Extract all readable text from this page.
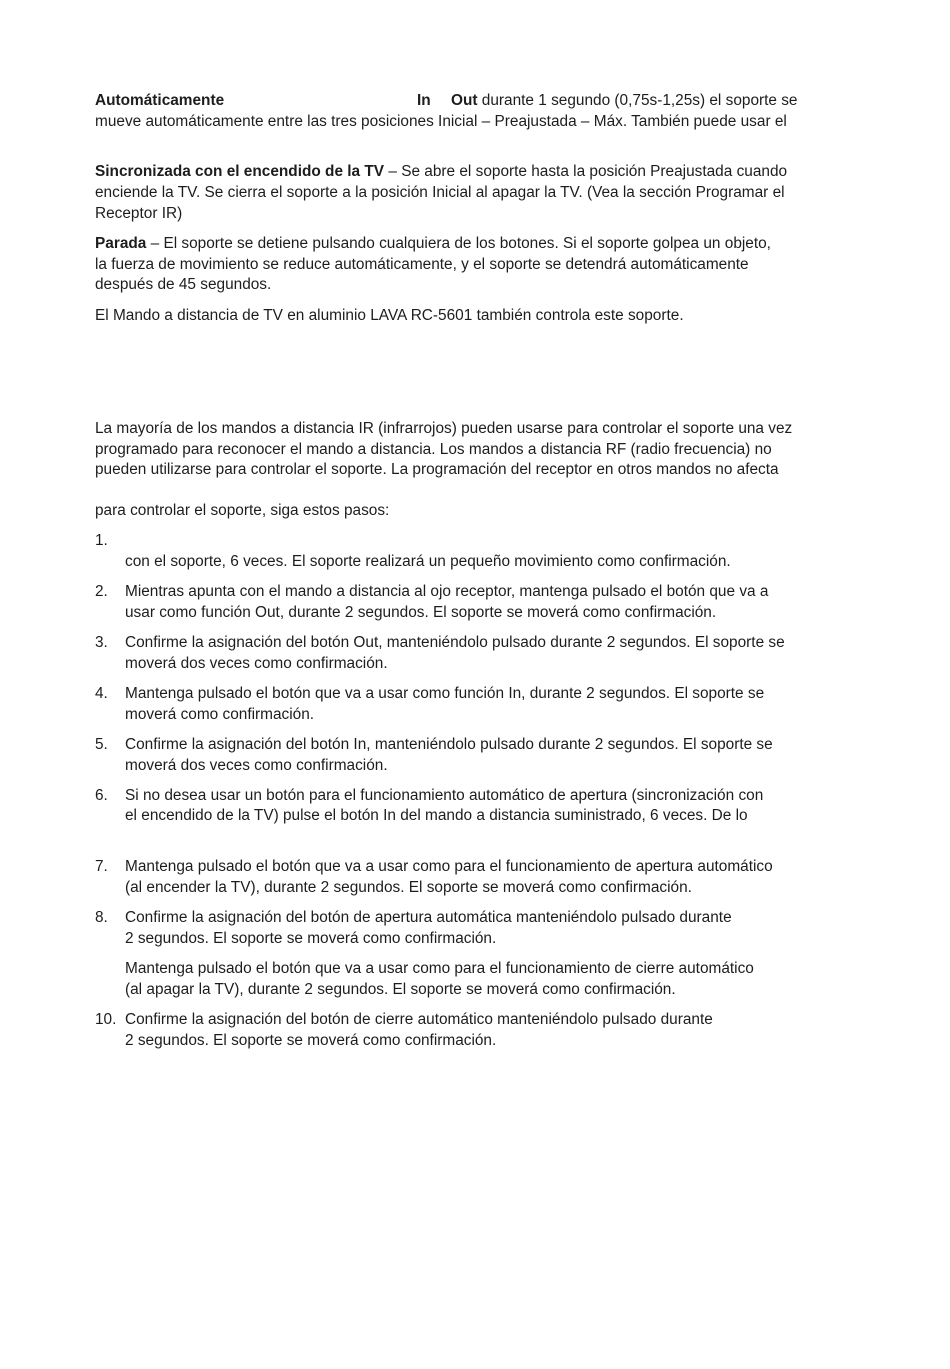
Automáticamente	In Out durante 1 segundo (0,75s-1,25s) el soporte se

mueve automáticamente entre las tres posiciones Inicial – Preajustada – Máx. También puede usar el

Sincronizada con el encendido de la TV – Se abre el soporte hasta la posición Preajustada cuando

enciende la TV. Se cierra el soporte a la posición Inicial al apagar la TV. (Vea la sección Programar el

Receptor IR)

Parada – El soporte se detiene pulsando cualquiera de los botones. Si el soporte golpea un objeto,

la fuerza de movimiento se reduce automáticamente, y el soporte se detendrá automáticamente

después de 45 segundos.

El Mando a distancia de TV en aluminio LAVA RC-5601 también controla este soporte.

La mayoría de los mandos a distancia IR (infrarrojos) pueden usarse para controlar el soporte una vez

programado para reconocer el mando a distancia. Los mandos a distancia RF (radio frecuencia) no

pueden utilizarse para controlar el soporte. La programación del receptor en otros mandos no afecta

para controlar el soporte, siga estos pasos:

1.

con el soporte, 6 veces. El soporte realizará un pequeño movimiento como confirmación.

2. Mientras apunta con el mando a distancia al ojo receptor, mantenga pulsado el botón que va a

usar como función Out, durante 2 segundos. El soporte se moverá como confirmación.

3. Confirme la asignación del botón Out, manteniéndolo pulsado durante 2 segundos. El soporte se

moverá dos veces como confirmación.

4. Mantenga pulsado el botón que va a usar como función In, durante 2 segundos. El soporte se

moverá como confirmación.

5. Confirme la asignación del botón In, manteniéndolo pulsado durante 2 segundos. El soporte se

moverá dos veces como confirmación.

6. Si no desea usar un botón para el funcionamiento automático de apertura (sincronización con

el encendido de la TV) pulse el botón In del mando a distancia suministrado, 6 veces. De lo

7. Mantenga pulsado el botón que va a usar como para el funcionamiento de apertura automático

(al encender la TV), durante 2 segundos. El soporte se moverá como confirmación.

8. Confirme la asignación del botón de apertura automática manteniéndolo pulsado durante

2 segundos. El soporte se moverá como confirmación.

Mantenga pulsado el botón que va a usar como para el funcionamiento de cierre automático

(al apagar la TV), durante 2 segundos. El soporte se moverá como confirmación.

10. Confirme la asignación del botón de cierre automático manteniéndolo pulsado durante

2 segundos. El soporte se moverá como confirmación.
